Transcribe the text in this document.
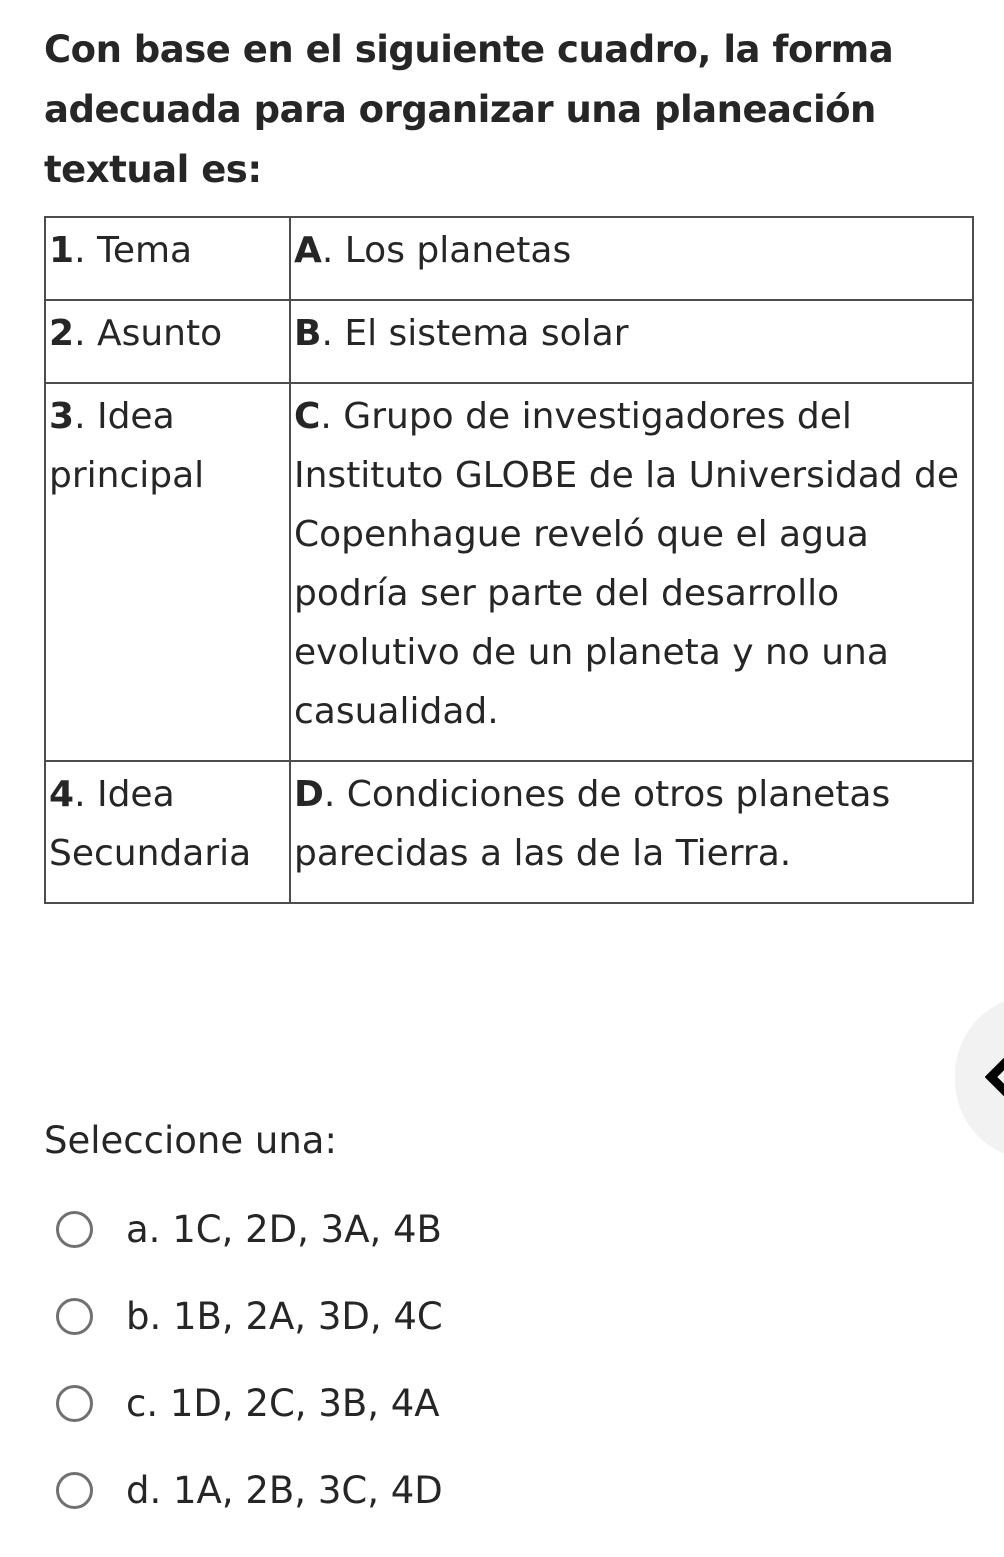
Con base en el siguiente cuadro, la forma adecuada para organizar una planeación textual es:
1. Tema	A. Los planetas
2. Asunto	B. El sistema solar
3. Idea principal	C. Grupo de investigadores del Instituto GLOBE de la Universidad de Copenhague reveló que el agua podría ser parte del desarrollo evolutivo de un planeta y no una casualidad.
4. Idea Secundaria	D. Condiciones de otros planetas parecidas a las de la Tierra.

Seleccione una:

a. 1C, 2D, 3A, 4B
b. 1B, 2A, 3D, 4C
c. 1D, 2C, 3B, 4A
d. 1A, 2B, 3C, 4D
